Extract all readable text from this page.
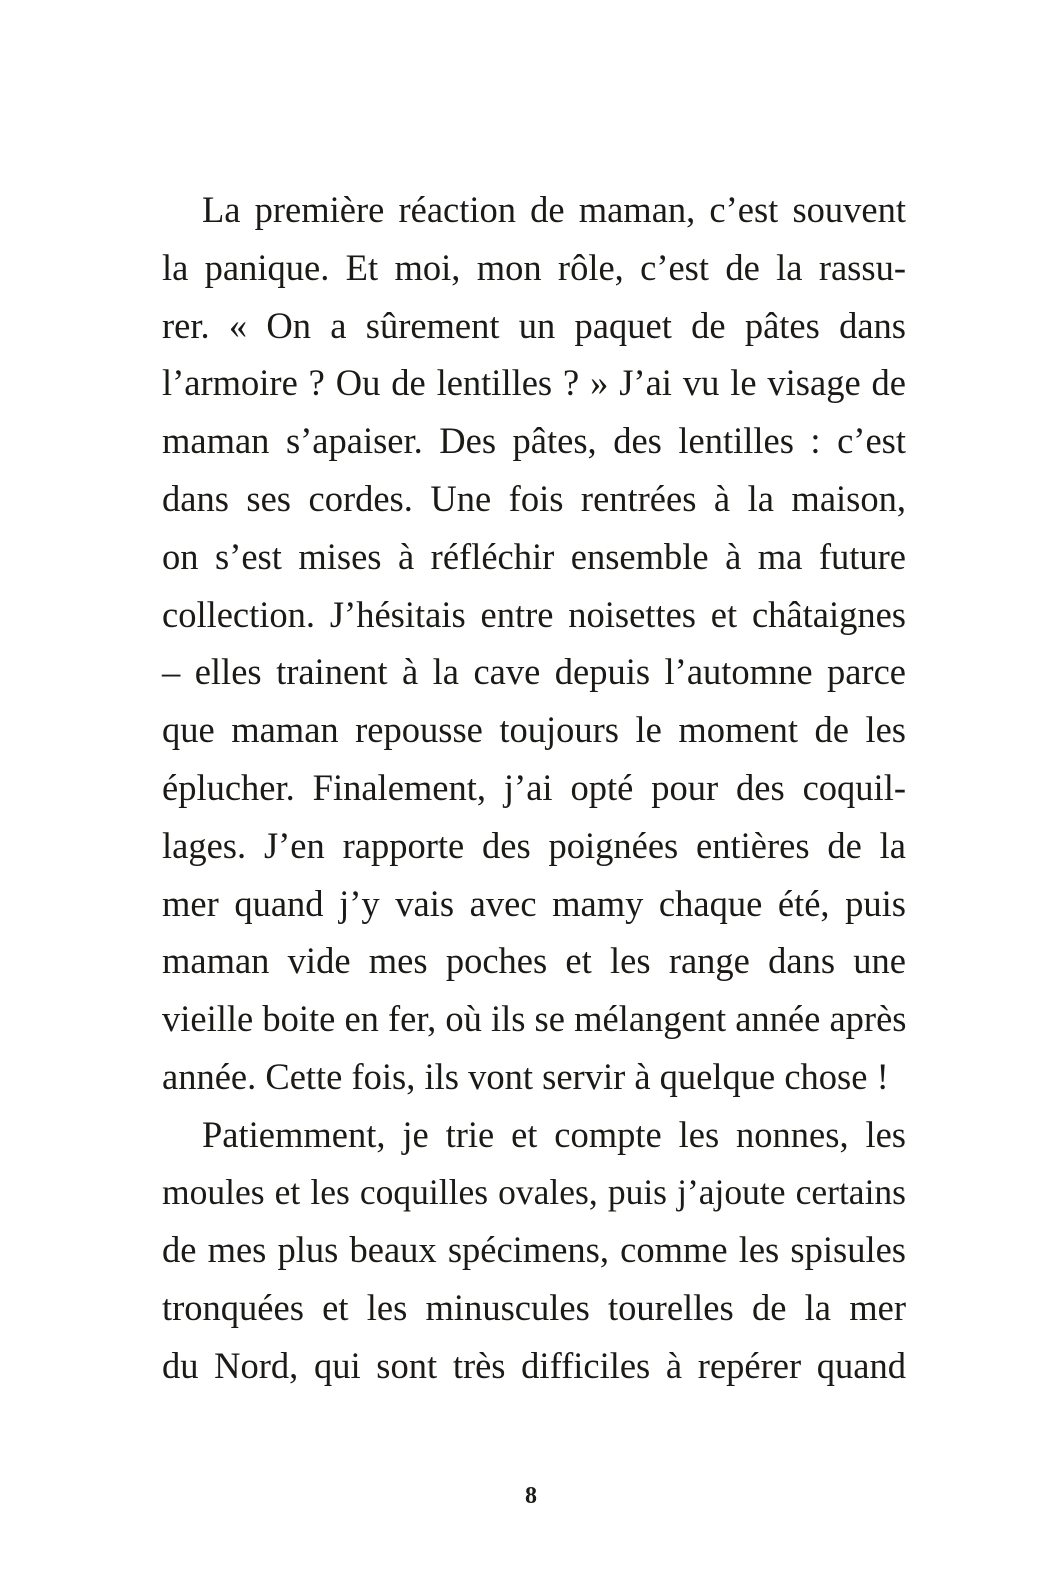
La première réaction de maman, c’est souvent
la panique. Et moi, mon rôle, c’est de la rassu-
rer. « On a sûrement un paquet de pâtes dans
l’armoire ? Ou de lentilles ? » J’ai vu le visage de
maman s’apaiser. Des pâtes, des lentilles : c’est
dans ses cordes. Une fois rentrées à la maison,
on s’est mises à réfléchir ensemble à ma future
collection. J’hésitais entre noisettes et châtaignes
– elles trainent à la cave depuis l’automne parce
que maman repousse toujours le moment de les
éplucher. Finalement, j’ai opté pour des coquil-
lages. J’en rapporte des poignées entières de la
mer quand j’y vais avec mamy chaque été, puis
maman vide mes poches et les range dans une
vieille boite en fer, où ils se mélangent année après
année. Cette fois, ils vont servir à quelque chose !
Patiemment, je trie et compte les nonnes, les
moules et les coquilles ovales, puis j’ajoute certains
de mes plus beaux spécimens, comme les spisules
tronquées et les minuscules tourelles de la mer
du Nord, qui sont très difficiles à repérer quand
8
